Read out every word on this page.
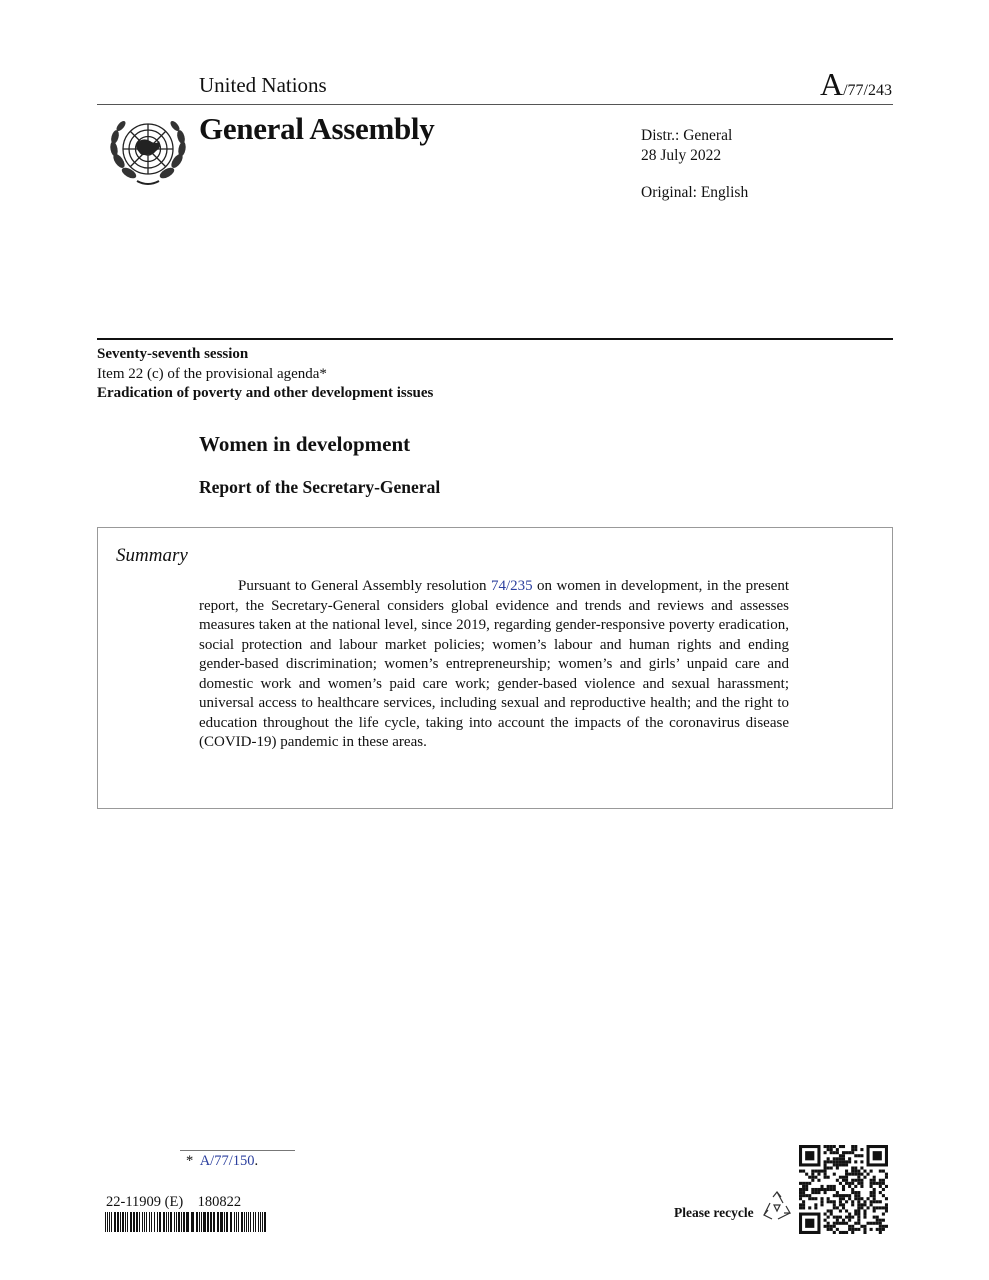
United Nations	A/77/243
General Assembly	Distr.: General
28 July 2022
Original: English
Seventy-seventh session
Item 22 (c) of the provisional agenda*
Eradication of poverty and other development issues
Women in development
Report of the Secretary-General
Summary
Pursuant to General Assembly resolution 74/235 on women in development, in the present report, the Secretary-General considers global evidence and trends and reviews and assesses measures taken at the national level, since 2019, regarding gender-responsive poverty eradication, social protection and labour market policies; women’s labour and human rights and ending gender-based discrimination; women’s entrepreneurship; women’s and girls’ unpaid care and domestic work and women’s paid care work; gender-based violence and sexual harassment; universal access to healthcare services, including sexual and reproductive health; and the right to education throughout the life cycle, taking into account the impacts of the coronavirus disease (COVID-19) pandemic in these areas.
* A/77/150.
22-11909 (E)    180822
Please recycle
